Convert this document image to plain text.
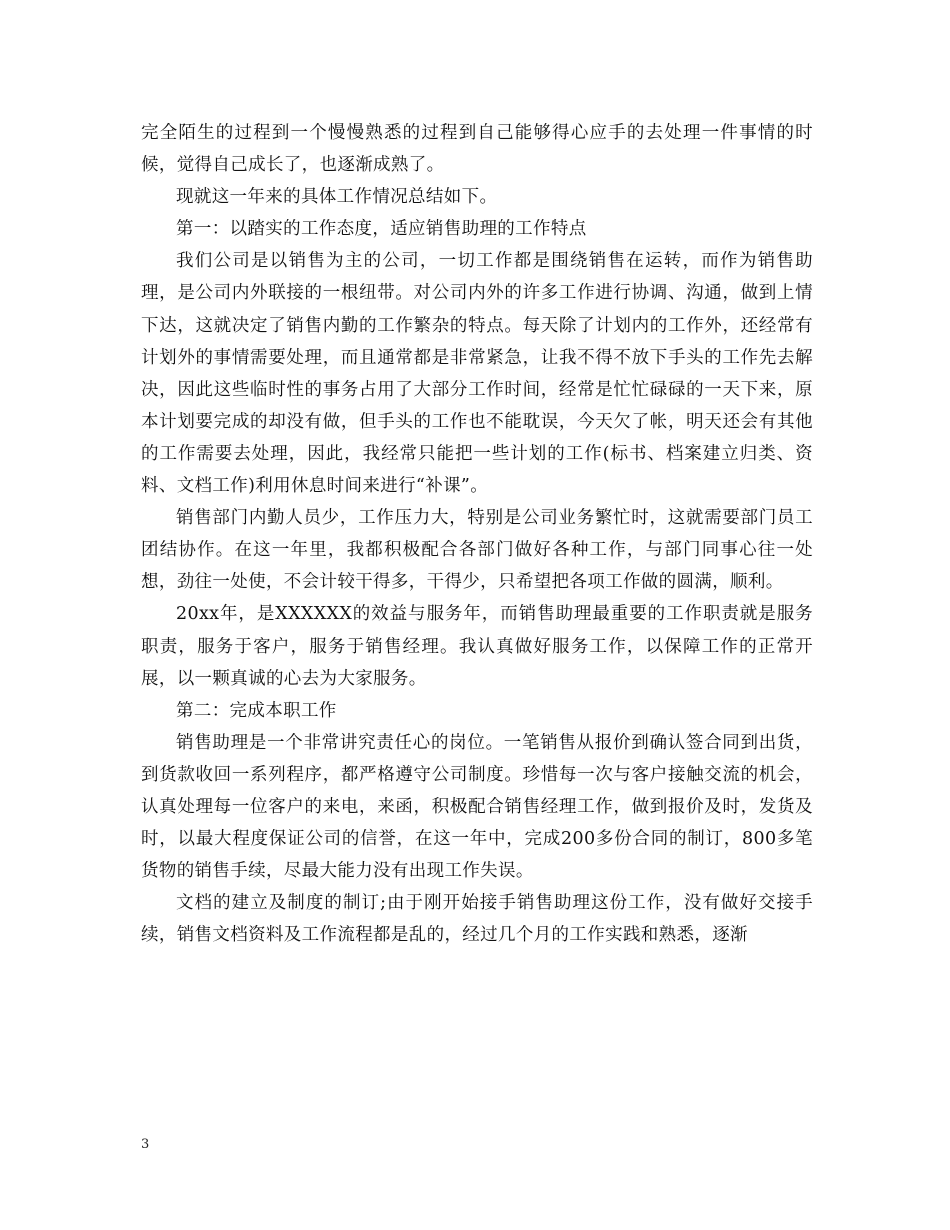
完全陌生的过程到一个慢慢熟悉的过程到自己能够得心应手的去处理一件事情的时候，觉得自己成长了，也逐渐成熟了。

现就这一年来的具体工作情况总结如下。

第一：以踏实的工作态度，适应销售助理的工作特点

我们公司是以销售为主的公司，一切工作都是围绕销售在运转，而作为销售助理，是公司内外联接的一根纽带。对公司内外的许多工作进行协调、沟通，做到上情下达，这就决定了销售内勤的工作繁杂的特点。每天除了计划内的工作外，还经常有计划外的事情需要处理，而且通常都是非常紧急，让我不得不放下手头的工作先去解决，因此这些临时性的事务占用了大部分工作时间，经常是忙忙碌碌的一天下来，原本计划要完成的却没有做，但手头的工作也不能耽误，今天欠了帐，明天还会有其他的工作需要去处理，因此，我经常只能把一些计划的工作(标书、档案建立归类、资料、文档工作)利用休息时间来进行“补课”。

销售部门内勤人员少，工作压力大，特别是公司业务繁忙时，这就需要部门员工团结协作。在这一年里，我都积极配合各部门做好各种工作，与部门同事心往一处想，劲往一处使，不会计较干得多，干得少，只希望把各项工作做的圆满，顺利。

20xx年，是XXXXXX的效益与服务年，而销售助理最重要的工作职责就是服务职责，服务于客户，服务于销售经理。我认真做好服务工作，以保障工作的正常开展，以一颗真诚的心去为大家服务。

第二：完成本职工作

销售助理是一个非常讲究责任心的岗位。一笔销售从报价到确认签合同到出货，到货款收回一系列程序，都严格遵守公司制度。珍惜每一次与客户接触交流的机会，认真处理每一位客户的来电，来函，积极配合销售经理工作，做到报价及时，发货及时，以最大程度保证公司的信誉，在这一年中，完成200多份合同的制订，800多笔货物的销售手续，尽最大能力没有出现工作失误。

文档的建立及制度的制订;由于刚开始接手销售助理这份工作，没有做好交接手续，销售文档资料及工作流程都是乱的，经过几个月的工作实践和熟悉，逐渐

3
